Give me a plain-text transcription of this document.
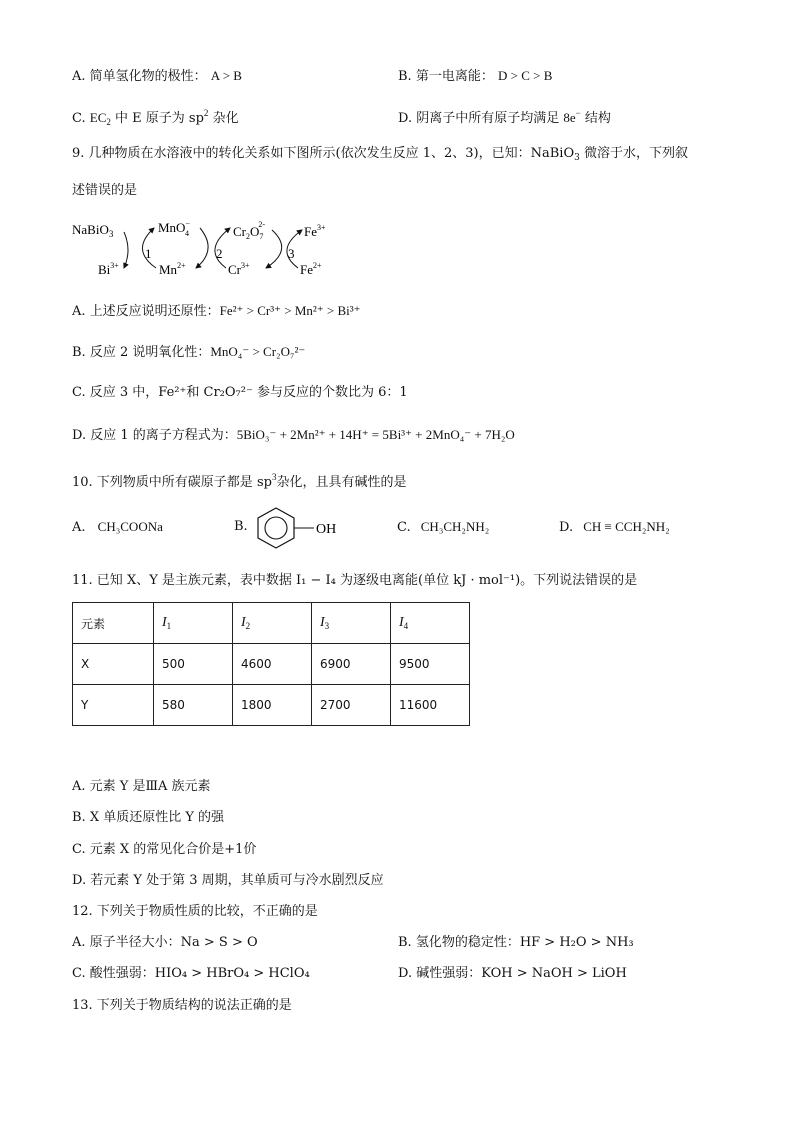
A. 简单氢化物的极性： A > B	B. 第一电离能： D > C > B
C. $EC_2$ 中 E 原子为 $sp^2$ 杂化	D. 阴离子中所有原子均满足 8e− 结构
9. 几种物质在水溶液中的转化关系如下图所示(依次发生反应 1、2、3)，已知：NaBiO$_3$ 微溶于水，下列叙
述错误的是
NaBiO$_3$
$Bi^{3+}$
MnO− 4
$Mn^{2+}$
$Cr_2O_72-$
$Cr^{3+}$
$Fe^{3+}$
$Fe^{2+}$
1	2	3
A. 上述反应说明还原性：Fe²⁺ > Cr³⁺ > Mn²⁺ > Bi³⁺
B. 反应 2 说明氧化性：MnO₄⁻ > Cr₂O₇²⁻
C. 反应 3 中，Fe²⁺和 Cr₂O₇²⁻ 参与反应的个数比为 6：1
D. 反应 1 的离子方程式为：5BiO₃⁻ + 2Mn²⁺ + 14H⁺ = 5Bi³⁺ + 2MnO₄⁻ + 7H₂O
10. 下列物质中所有碳原子都是 $sp^3$杂化，且具有碱性的是
A. CH₃COONa	B.	OH	C. CH₃CH₂NH₂	D. CH ≡ CCH₂NH₂
11. 已知 X、Y 是主族元素，表中数据 I₁ − I₄ 为逐级电离能(单位 kJ · mol⁻¹)。下列说法错误的是
元素	$I_1$	$I_2$	$I_3$	$I_4$
X	500	4600	6900	9500
Y	580	1800	2700	11600
A. 元素 Y 是ⅢA 族元素
B. X 单质还原性比 Y 的强
C. 元素 X 的常见化合价是+1价
D. 若元素 Y 处于第 3 周期，其单质可与冷水剧烈反应
12. 下列关于物质性质的比较，不正确的是
A. 原子半径大小：Na > S > O	B. 氢化物的稳定性：HF > H₂O > NH₃
C. 酸性强弱：HIO₄ > HBrO₄ > HClO₄	D. 碱性强弱：KOH > NaOH > LiOH
13. 下列关于物质结构的说法正确的是
